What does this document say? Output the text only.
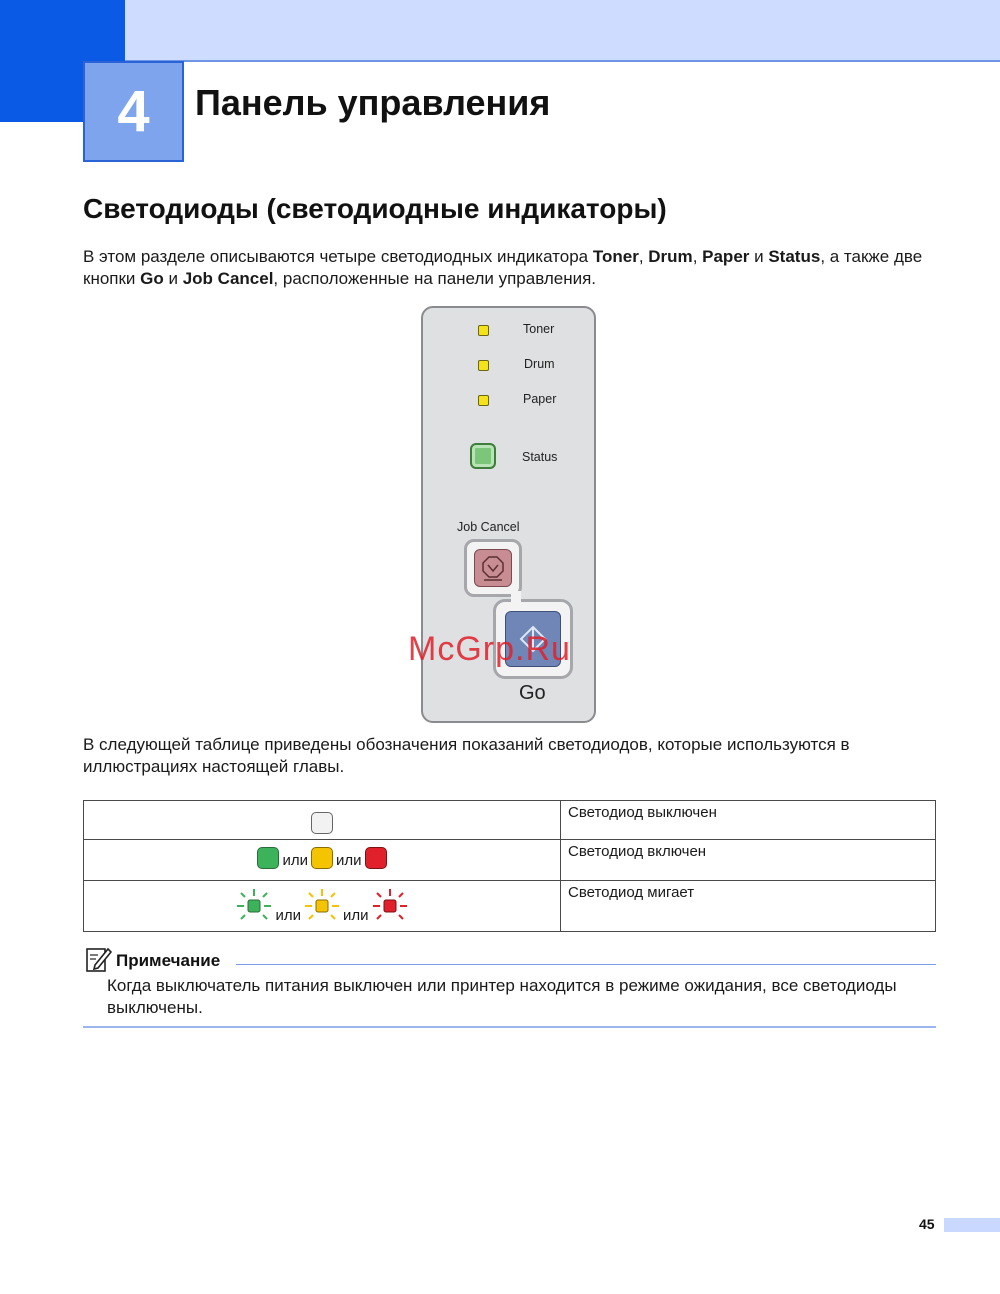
4	Панель управления
Светодиоды (светодиодные индикаторы)
В этом разделе описываются четыре светодиодных индикатора Toner, Drum, Paper и Status, а также две кнопки Go и Job Cancel, расположенные на панели управления.
Toner
Drum
Paper
Status
Job Cancel
Go
McGrp.Ru
В следующей таблице приведены обозначения показаний светодиодов, которые используются в иллюстрациях настоящей главы.
	Светодиод выключен

или или	Светодиод включен

или или	Светодиод мигает
Примечание
Когда выключатель питания выключен или принтер находится в режиме ожидания, все светодиоды выключены.
45
